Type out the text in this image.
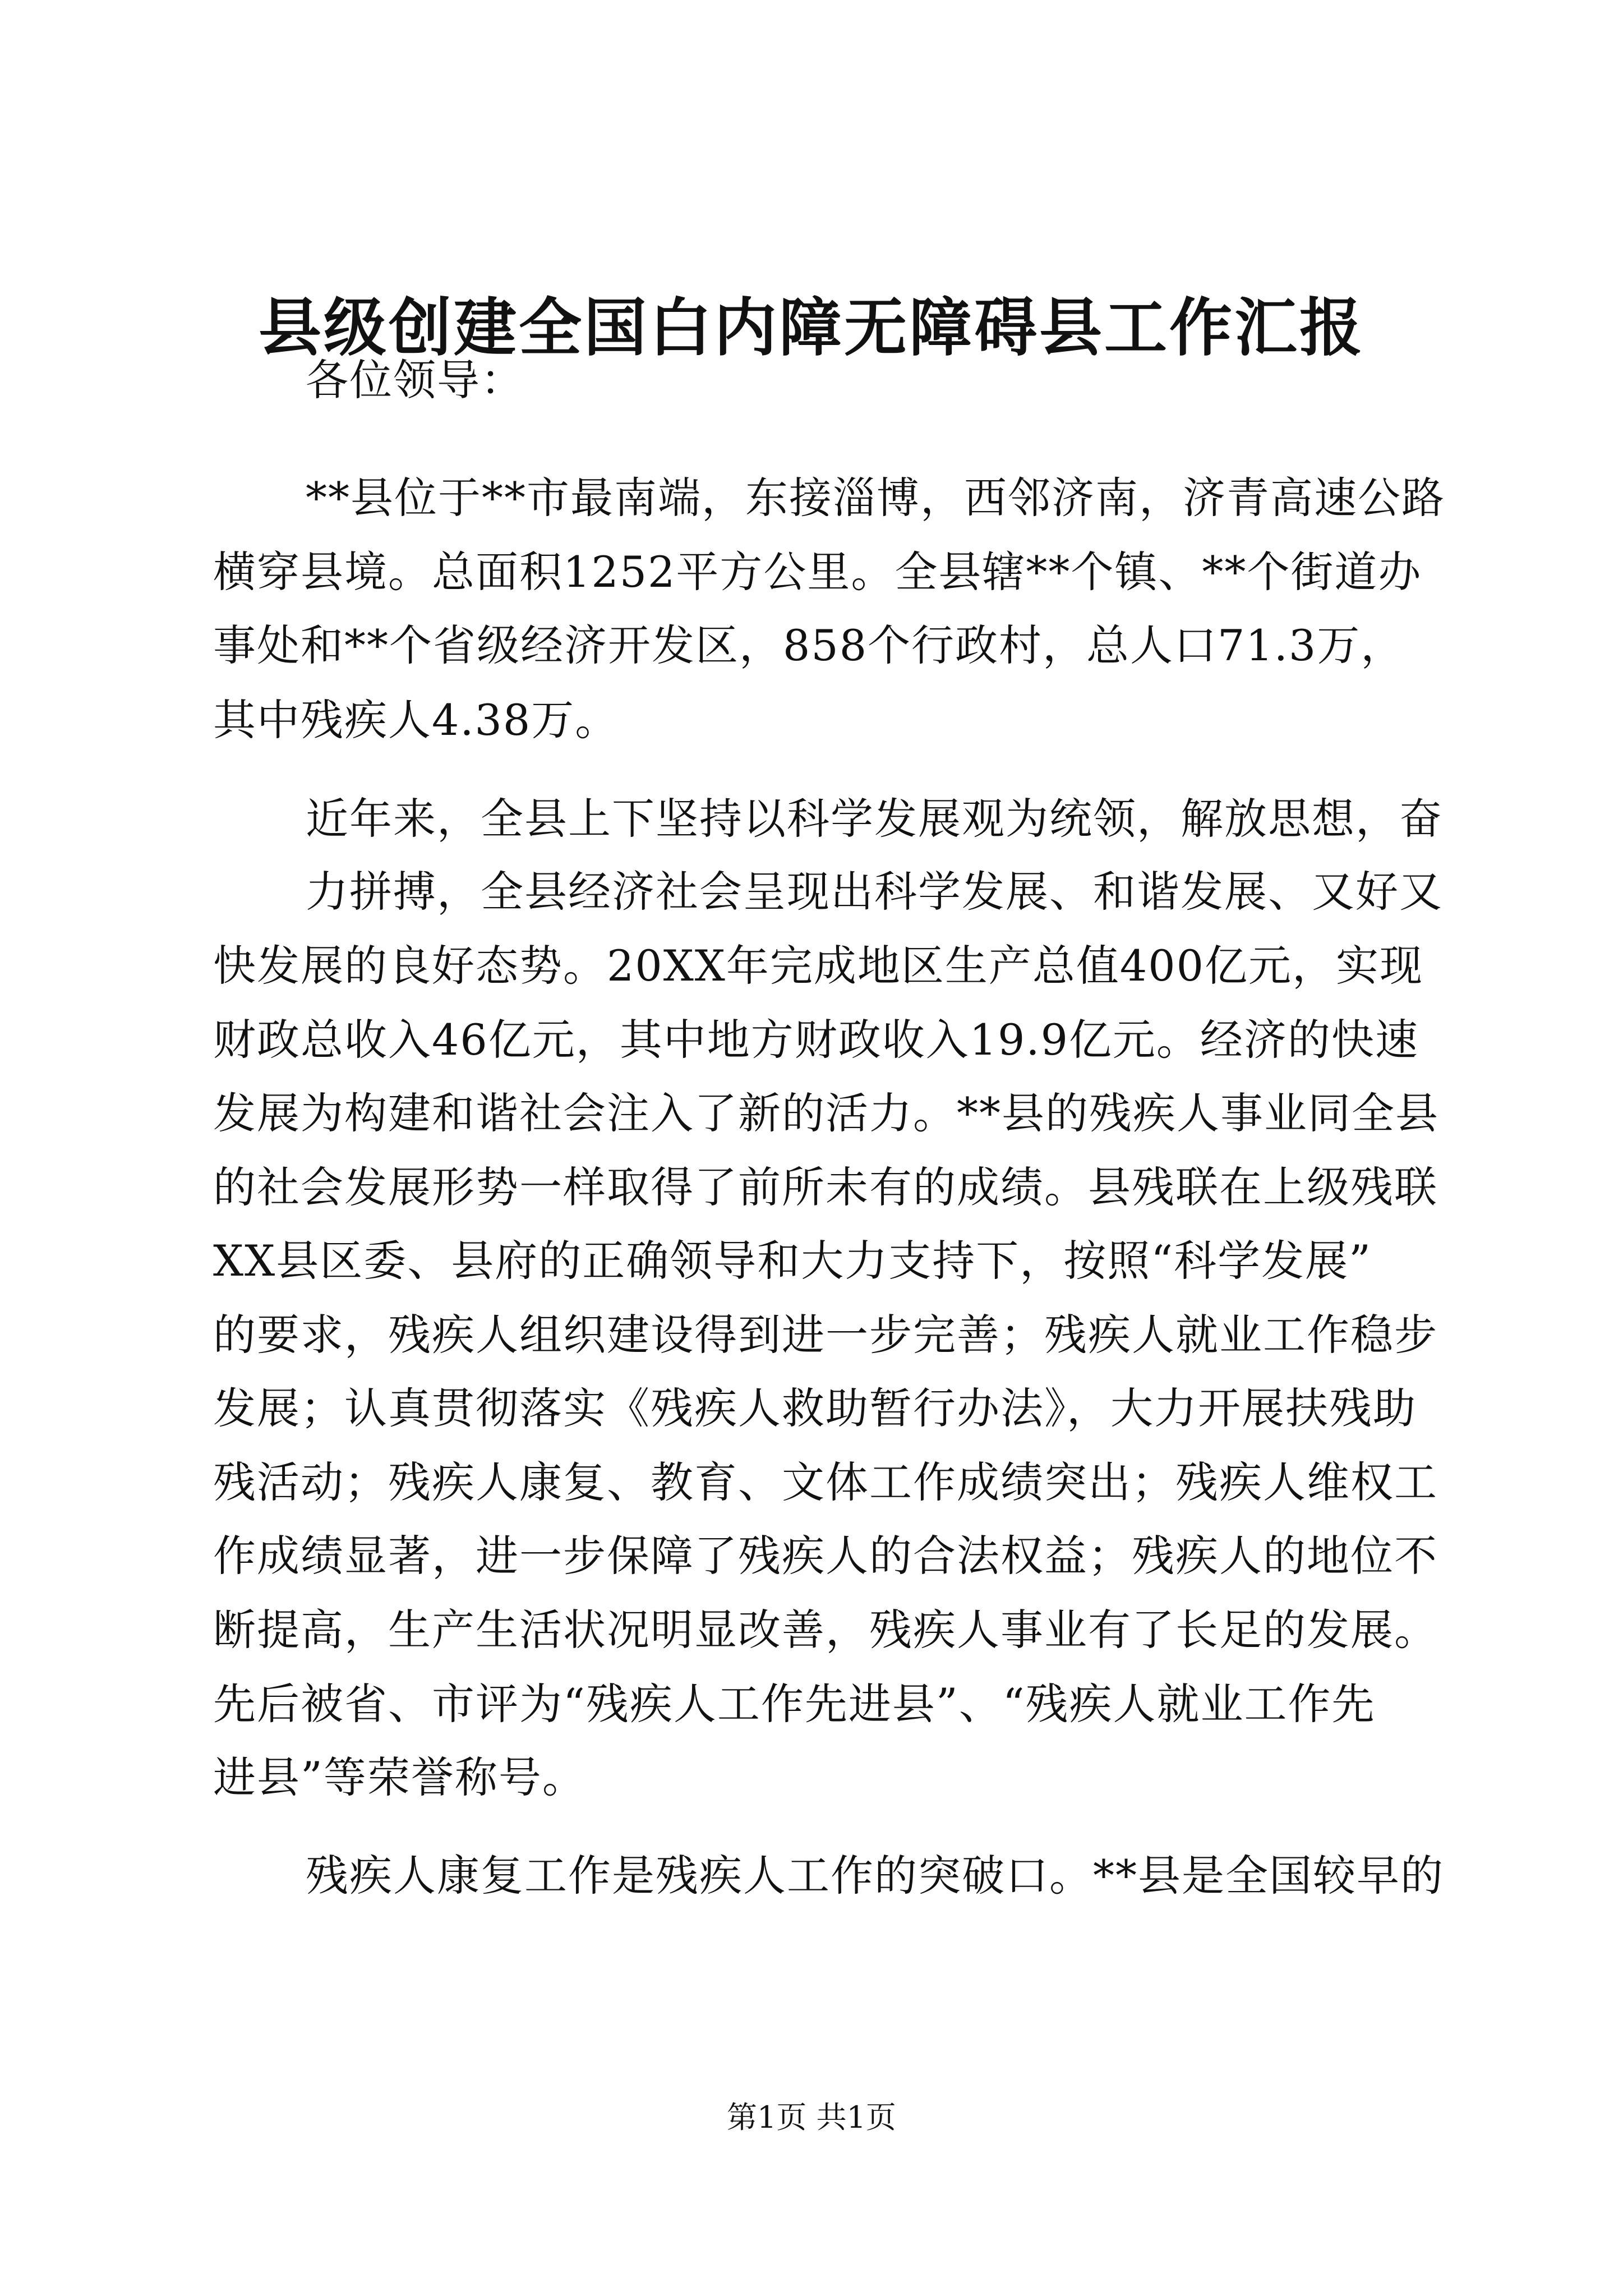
县级创建全国白内障无障碍县工作汇报

各位领导：

**县位于**市最南端，东接淄博，西邻济南，济青高速公路

横穿县境。总面积1252平方公里。全县辖**个镇、**个街道办

事处和**个省级经济开发区，858个行政村，总人口71.3万，

其中残疾人4.38万。

近年来，全县上下坚持以科学发展观为统领，解放思想，奋

力拼搏，全县经济社会呈现出科学发展、和谐发展、又好又

快发展的良好态势。20XX年完成地区生产总值400亿元，实现

财政总收入46亿元，其中地方财政收入19.9亿元。经济的快速

发展为构建和谐社会注入了新的活力。**县的残疾人事业同全县

的社会发展形势一样取得了前所未有的成绩。县残联在上级残联

XX县区委、县府的正确领导和大力支持下，按照“科学发展”

的要求，残疾人组织建设得到进一步完善；残疾人就业工作稳步

发展；认真贯彻落实《残疾人救助暂行办法》，大力开展扶残助

残活动；残疾人康复、教育、文体工作成绩突出；残疾人维权工

作成绩显著，进一步保障了残疾人的合法权益；残疾人的地位不

断提高，生产生活状况明显改善，残疾人事业有了长足的发展。

先后被省、市评为“残疾人工作先进县”、“残疾人就业工作先

进县”等荣誉称号。

残疾人康复工作是残疾人工作的突破口。**县是全国较早的

第1页 共1页
